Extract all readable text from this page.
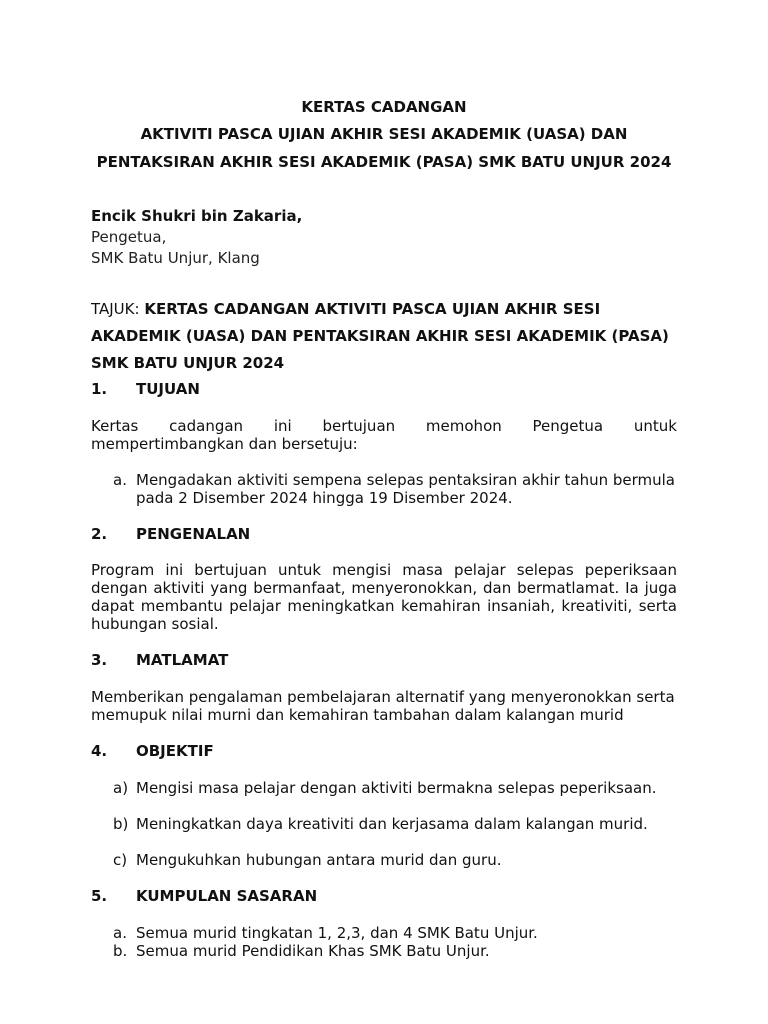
KERTAS CADANGAN
AKTIVITI PASCA UJIAN AKHIR SESI AKADEMIK (UASA) DAN
PENTAKSIRAN AKHIR SESI AKADEMIK (PASA) SMK BATU UNJUR 2024
Encik Shukri bin Zakaria,
Pengetua,
SMK Batu Unjur, Klang
TAJUK: KERTAS CADANGAN AKTIVITI PASCA UJIAN AKHIR SESI AKADEMIK (UASA) DAN PENTAKSIRAN AKHIR SESI AKADEMIK (PASA) SMK BATU UNJUR 2024
1. TUJUAN
Kertas cadangan ini bertujuan memohon Pengetua untuk mempertimbangkan dan bersetuju:
a. Mengadakan aktiviti sempena selepas pentaksiran akhir tahun bermula pada 2 Disember 2024 hingga 19 Disember 2024.
2. PENGENALAN
Program ini bertujuan untuk mengisi masa pelajar selepas peperiksaan dengan aktiviti yang bermanfaat, menyeronokkan, dan bermatlamat. Ia juga dapat membantu pelajar meningkatkan kemahiran insaniah, kreativiti, serta hubungan sosial.
3. MATLAMAT
Memberikan pengalaman pembelajaran alternatif yang menyeronokkan serta memupuk nilai murni dan kemahiran tambahan dalam kalangan murid
4. OBJEKTIF
a) Mengisi masa pelajar dengan aktiviti bermakna selepas peperiksaan.
b) Meningkatkan daya kreativiti dan kerjasama dalam kalangan murid.
c) Mengukuhkan hubungan antara murid dan guru.
5. KUMPULAN SASARAN
a. Semua murid tingkatan 1, 2,3, dan 4 SMK Batu Unjur.
b. Semua murid Pendidikan Khas SMK Batu Unjur.
